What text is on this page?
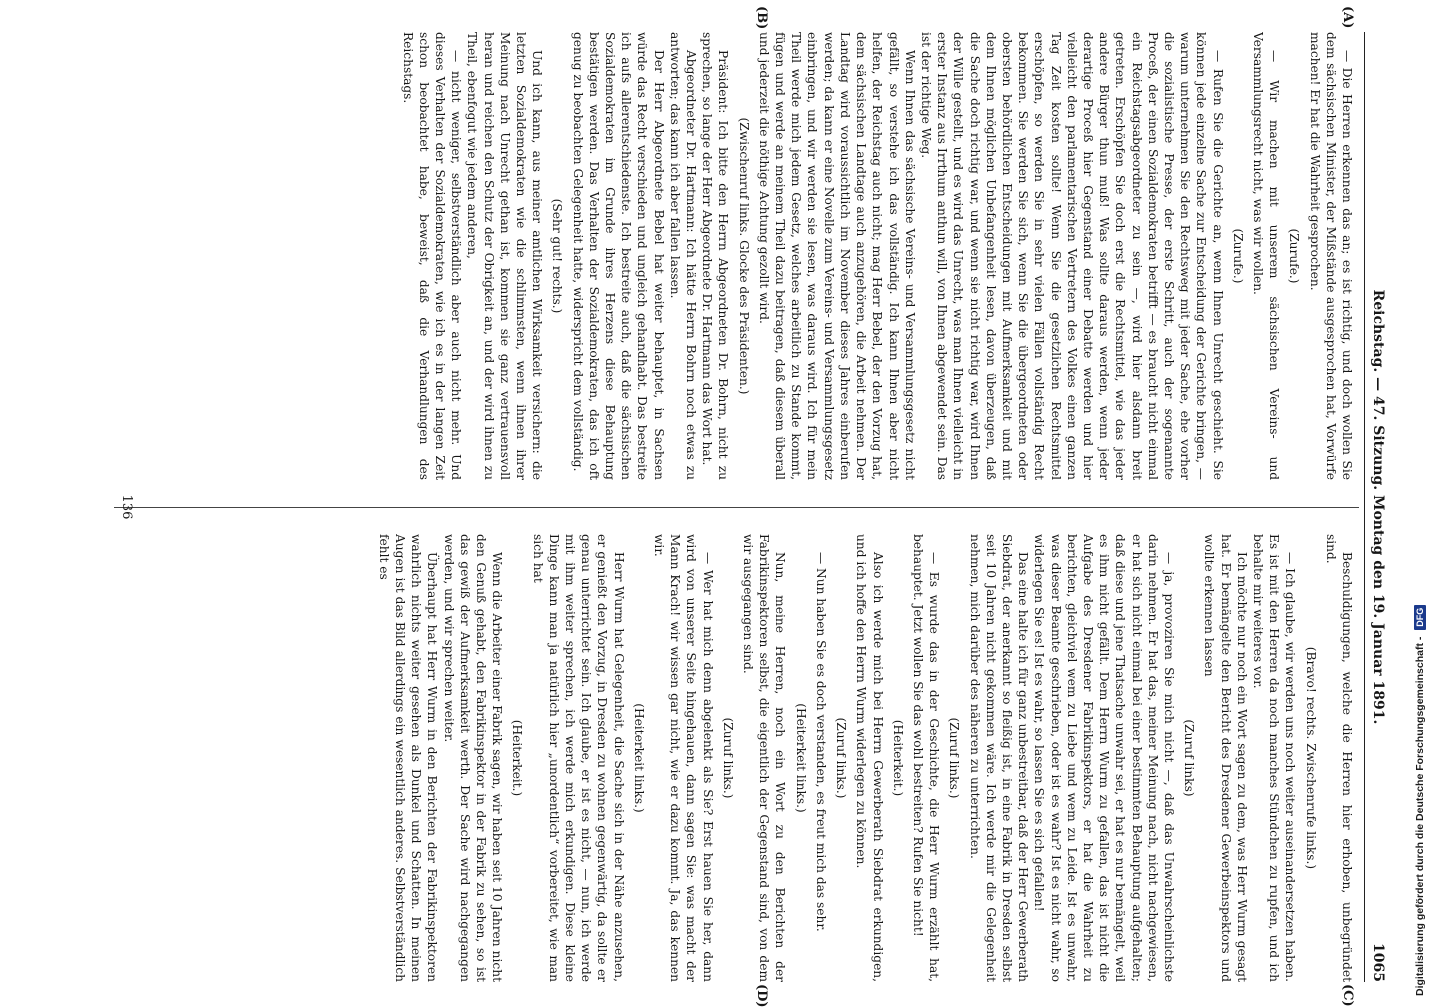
Reichstag. — 47. Sitzung. Montag den 19. Januar 1891.
1065
(A)
(B)
(C)
(D)

— Die Herren erkennen das an; es ist richtig, und doch wollen Sie dem sächsischen Minister, der Mißstände ausgesprochen hat, Vorwürfe machen! Er hat die Wahrheit gesprochen.

(Zurufe.)

— Wir machen mit unserem sächsischen Vereins- und Versammlungsrecht nicht, was wir wollen.

(Zurufe.)

— Rufen Sie die Gerichte an, wenn Ihnen Unrecht geschieht. Sie können jede einzelne Sache zur Entscheidung der Gerichte bringen, — warum unternehmen Sie den Rechtsweg mit jeder Sache, ehe vorher die sozialistische Presse, der erste Schritt, auch der sogenannte Proceß, der einen Sozialdemokraten betrifft — es braucht nicht einmal ein Reichstagsabgeordneter zu sein —, wird hier alsdann breit getreten. Erschöpfen Sie doch erst die Rechtsmittel, wie das jeder andere Bürger thun muß! Was sollte daraus werden, wenn jeder derartige Proceß hier Gegenstand einer Debatte werden und hier vielleicht den parlamentarischen Vertretern des Volkes einen ganzen Tag Zeit kosten sollte! Wenn Sie die gesetzlichen Rechtsmittel erschöpfen, so werden Sie in sehr vielen Fällen vollständig Recht bekommen. Sie werden Sie sich, wenn Sie die übergeordneten oder obersten behördlichen Entscheidungen mit Aufmerksamkeit und mit dem Ihnen möglichen Unbefangenheit lesen, davon überzeugen, daß die Sache doch richtig war, und wenn sie nicht richtig war, wird Ihnen der Wille gestellt, und es wird das Unrecht, was man Ihnen vielleicht in erster Instanz aus Irrthum anthun will, von Ihnen abgewendet sein. Das ist der richtige Weg.

Wenn Ihnen das sächsische Vereins- und Versammlungsgesetz nicht gefällt, so verstehe ich das vollständig. Ich kann Ihnen aber nicht helfen, der Reichstag auch nicht; mag Herr Bebel, der den Vorzug hat, dem sächsischen Landtage auch anzugehören, die Arbeit nehmen. Der Landtag wird voraussichtlich im November dieses Jahres einberufen werden; da kann er eine Novelle zum Vereins- und Versammlungsgesetz einbringen, und wir werden sie lesen, was daraus wird. Ich für mein Theil werde mich jedem Gesetz, welches arbeitlich zu Stande kommt, fügen und werde an meinem Theil dazu beitragen, daß diesem überall und jederzeit die nöthige Achtung gezollt wird.

(Zwischenruf links. Glocke des Präsidenten.)

Präsident: Ich bitte den Herrn Abgeordneten Dr. Bohrn, nicht zu sprechen, so lange der Herr Abgeordnete Dr. Hartmann das Wort hat.

Abgeordneter Dr. Hartmann: Ich hätte Herrn Bohrn noch etwas zu antworten; das kann ich aber fallen lassen.

Der Herr Abgeordnete Bebel hat weiter behauptet, in Sachsen würde das Recht verschieden und ungleich gehandhabt. Das bestreite ich aufs allerentschiedenste. Ich bestreite auch, daß die sächsischen Sozialdemokraten im Grunde ihres Herzens diese Behauptung bestätigen werden. Das Verhalten der Sozialdemokraten, das ich oft genug zu beobachten Gelegenheit hatte, widerspricht dem vollständig.

(Sehr gut! rechts.)

Und ich kann, aus meiner amtlichen Wirksamkeit versichern: die letzten Sozialdemokraten wie die schlimmsten, wenn ihnen ihrer Meinung nach Unrecht gethan ist, kommen sie ganz vertrauensvoll heran und reichen den Schutz der Obrigkeit an, und der wird ihnen zu Theil, ebenfogut wie jedem anderen,

— nicht weniger, selbstverständlich aber auch nicht mehr. Und dieses Verhalten der Sozialdemokraten, wie ich es in der langen Zeit schon beobachtet habe, beweist, daß die Verhandlungen des Reichstags.

Beschuldigungen, welche die Herren hier erhoben, unbegründet sind.

(Bravo! rechts. Zwischenrufe links.)

— Ich glaube, wir werden uns noch weiter auseinandersetzen haben. Es ist mit den Herren da noch manches Stündchen zu rupfen, und ich behalte mir weiteres vor.

Ich möchte nur noch ein Wort sagen zu dem, was Herr Wurm gesagt hat. Er bemängelte den Bericht des Dresdener Gewerbeinspektors und wollte erkennen lassen

(Zuruf links)

— ja, provoziren Sie mich nicht —, daß das Unwahrscheinlichste darin nehmen. Er hat das, meiner Meinung nach, nicht nachgewiesen, er hat sich nicht einmal bei einer bestimmten Behauptung aufgehalten; daß diese und jene Thatsache unwahr sei, er hat es nur bemängelt, weil es ihm nicht gefällt. Dem Herrn Wurm zu gefallen, das ist nicht die Aufgabe des Dresdener Fabrikinspektors, er hat die Wahrheit zu berichten, gleichviel wem zu Liebe und wem zu Leide. Ist es unwahr, was dieser Beamte geschrieben, oder ist es wahr? Ist es nicht wahr, so widerlegen Sie es! Ist es wahr, so lassen Sie es sich gefallen!

Das eine halte ich für ganz unbestreitbar, daß der Herr Gewerberath Siebdrat, der anerkannt so fleißig ist, in eine Fabrik in Dresden selbst seit 10 Jahren nicht gekommen wäre. Ich werde mir die Gelegenheit nehmen, mich darüber des näheren zu unterrichten.

(Zuruf links.)

— Es wurde das in der Geschichte, die Herr Wurm erzählt hat, behauptet. Jetzt wollen Sie das wohl bestreiten? Rufen Sie nicht!

(Heiterkeit.)

Also ich werde mich bei Herrn Gewerberath Siebdrat erkundigen, und ich hoffe den Herrn Wurm widerlegen zu können.

(Zuruf links.)

— Nun haben Sie es doch verstanden, es freut mich das sehr.

(Heiterkeit links.)

Nun, meine Herren, noch ein Wort zu den Berichten der Fabrikinspektoren selbst, die eigentlich der Gegenstand sind, von dem wir ausgegangen sind.

(Zuruf links.)

— Wer hat mich denn abgelenkt als Sie? Erst hauen Sie her, dann wird von unserer Seite hingehauen, dann sagen Sie: was macht der Mann Krach! wir wissen gar nicht, wie er dazu kommt. Ja, das kennen wir.

(Heiterkeit links.)

Herr Wurm hat Gelegenheit, die Sache sich in der Nähe anzusehen, er genießt den Vorzug, in Dresden zu wohnen gegenwärtig, da sollte er genau unterrichtet sein. Ich glaube, er ist es nicht, — nun, ich werde mit ihm weiter sprechen, ich werde mich erkundigen. Diese kleine Dinge kann man ja natürlich hier „unordentlich“ vorbereitet, wie man sich hat

(Heiterkeit.)

Wenn die Arbeiter einer Fabrik sagen, wir haben seit 10 Jahren nicht den Genuß gehabt, den Fabrikinspektor in der Fabrik zu sehen, so ist das gewiß der Aufmerksamkeit werth. Der Sache wird nachgegangen werden, und wir sprechen weiter.

Überhaupt hat Herr Wurm in den Berichten der Fabrikinspektoren wahrlich nichts weiter gesehen als Dunkel und Schatten. In meinen Augen ist das Bild allerdings ein wesentlich anderes. Selbstverständlich fehlt es

136
Digitalisierung gefördert durch die Deutsche Forschungsgemeinschaft - DFG
